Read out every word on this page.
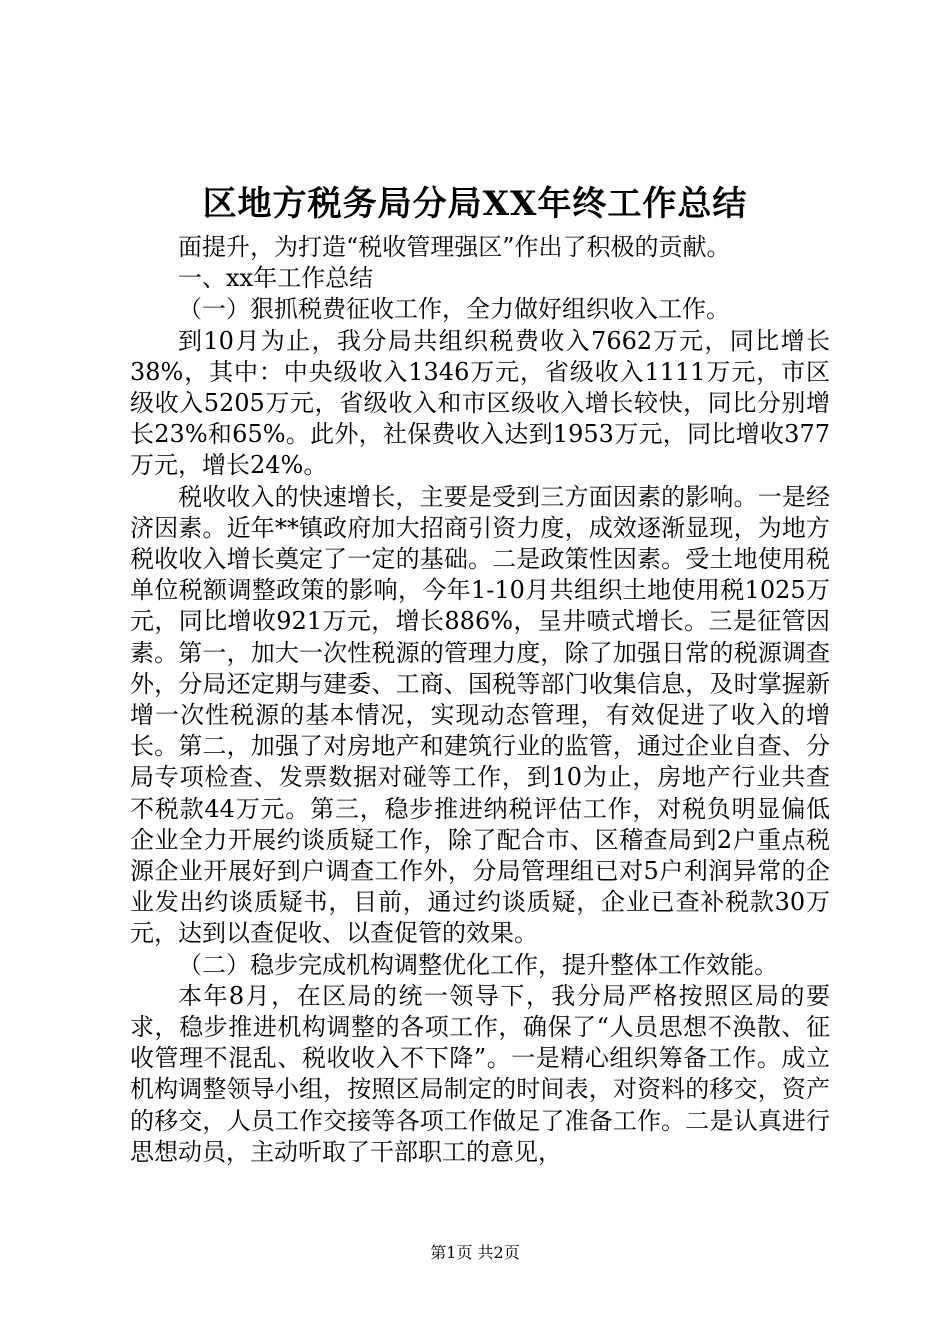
区地方税务局分局XX年终工作总结

面提升，为打造“税收管理强区”作出了积极的贡献。

一、xx年工作总结

（一）狠抓税费征收工作，全力做好组织收入工作。

到10月为止，我分局共组织税费收入7662万元，同比增长38%，其中：中央级收入1346万元，省级收入1111万元，市区级收入5205万元，省级收入和市区级收入增长较快，同比分别增长23%和65%。此外，社保费收入达到1953万元，同比增收377万元，增长24%。

税收收入的快速增长，主要是受到三方面因素的影响。一是经济因素。近年**镇政府加大招商引资力度，成效逐渐显现，为地方税收收入增长奠定了一定的基础。二是政策性因素。受土地使用税单位税额调整政策的影响，今年1-10月共组织土地使用税1025万元，同比增收921万元，增长886%，呈井喷式增长。三是征管因素。第一，加大一次性税源的管理力度，除了加强日常的税源调查外，分局还定期与建委、工商、国税等部门收集信息，及时掌握新增一次性税源的基本情况，实现动态管理，有效促进了收入的增长。第二，加强了对房地产和建筑行业的监管，通过企业自查、分局专项检查、发票数据对碰等工作，到10为止，房地产行业共查不税款44万元。第三，稳步推进纳税评估工作，对税负明显偏低企业全力开展约谈质疑工作，除了配合市、区稽查局到2户重点税源企业开展好到户调查工作外，分局管理组已对5户利润异常的企业发出约谈质疑书，目前，通过约谈质疑，企业已查补税款30万元，达到以查促收、以查促管的效果。

（二）稳步完成机构调整优化工作，提升整体工作效能。

本年8月，在区局的统一领导下，我分局严格按照区局的要求，稳步推进机构调整的各项工作，确保了“人员思想不涣散、征收管理不混乱、税收收入不下降”。一是精心组织筹备工作。成立机构调整领导小组，按照区局制定的时间表，对资料的移交，资产的移交，人员工作交接等各项工作做足了准备工作。二是认真进行思想动员，主动听取了干部职工的意见，

第1页 共2页
